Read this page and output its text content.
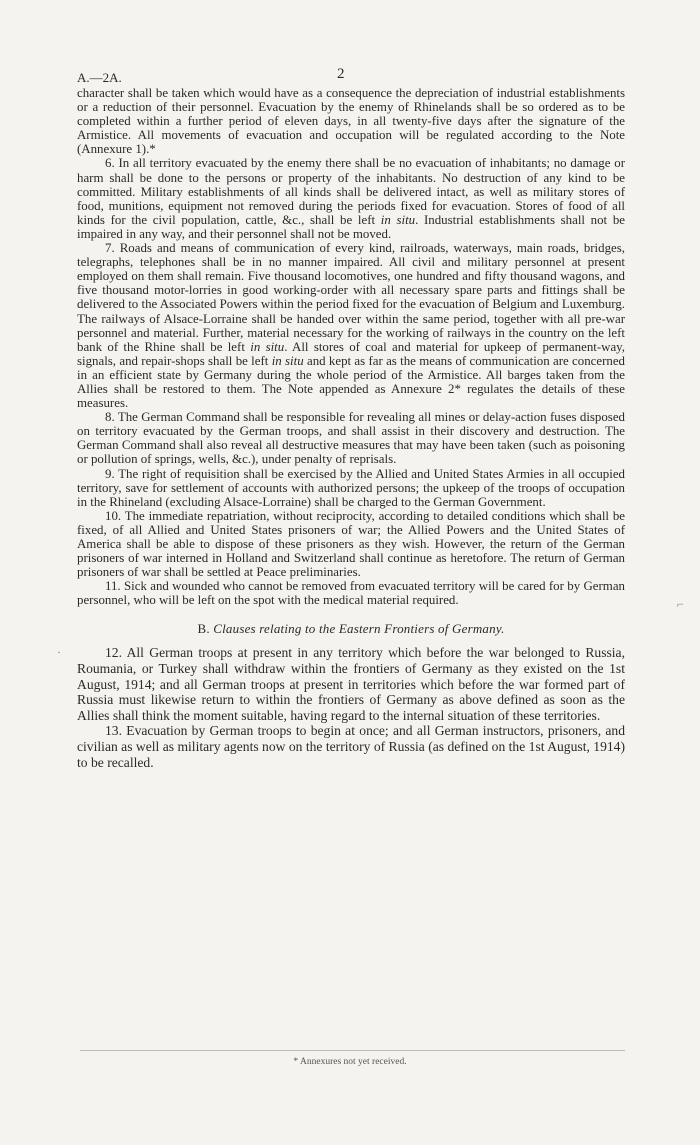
A.—2A.	2

character shall be taken which would have as a consequence the depreciation of industrial establishments or a reduction of their personnel. Evacuation by the enemy of Rhinelands shall be so ordered as to be completed within a further period of eleven days, in all twenty-five days after the signature of the Armistice. All movements of evacuation and occupation will be regulated according to the Note (Annexure 1).*

6. In all territory evacuated by the enemy there shall be no evacuation of inhabitants; no damage or harm shall be done to the persons or property of the inhabitants. No destruction of any kind to be committed. Military establishments of all kinds shall be delivered intact, as well as military stores of food, munitions, equipment not removed during the periods fixed for evacuation. Stores of food of all kinds for the civil population, cattle, &c., shall be left in situ. Industrial establishments shall not be impaired in any way, and their personnel shall not be moved.

7. Roads and means of communication of every kind, railroads, waterways, main roads, bridges, telegraphs, telephones shall be in no manner impaired. All civil and military personnel at present employed on them shall remain. Five thousand locomotives, one hundred and fifty thousand wagons, and five thousand motor-lorries in good working-order with all necessary spare parts and fittings shall be delivered to the Associated Powers within the period fixed for the evacuation of Belgium and Luxemburg. The railways of Alsace-Lorraine shall be handed over within the same period, together with all pre-war personnel and material. Further, material necessary for the working of railways in the country on the left bank of the Rhine shall be left in situ. All stores of coal and material for upkeep of permanent-way, signals, and repair-shops shall be left in situ and kept as far as the means of communication are concerned in an efficient state by Germany during the whole period of the Armistice. All barges taken from the Allies shall be restored to them. The Note appended as Annexure 2* regulates the details of these measures.

8. The German Command shall be responsible for revealing all mines or delay-action fuses disposed on territory evacuated by the German troops, and shall assist in their discovery and destruction. The German Command shall also reveal all destructive measures that may have been taken (such as poisoning or pollution of springs, wells, &c.), under penalty of reprisals.

9. The right of requisition shall be exercised by the Allied and United States Armies in all occupied territory, save for settlement of accounts with authorized persons; the upkeep of the troops of occupation in the Rhineland (excluding Alsace-Lorraine) shall be charged to the German Government.

10. The immediate repatriation, without reciprocity, according to detailed conditions which shall be fixed, of all Allied and United States prisoners of war; the Allied Powers and the United States of America shall be able to dispose of these prisoners as they wish. However, the return of the German prisoners of war interned in Holland and Switzerland shall continue as heretofore. The return of German prisoners of war shall be settled at Peace preliminaries.

11. Sick and wounded who cannot be removed from evacuated territory will be cared for by German personnel, who will be left on the spot with the medical material required.

B. Clauses relating to the Eastern Frontiers of Germany.

12. All German troops at present in any territory which before the war belonged to Russia, Roumania, or Turkey shall withdraw within the frontiers of Germany as they existed on the 1st August, 1914; and all German troops at present in territories which before the war formed part of Russia must likewise return to within the frontiers of Germany as above defined as soon as the Allies shall think the moment suitable, having regard to the internal situation of these territories.

13. Evacuation by German troops to begin at once; and all German instructors, prisoners, and civilian as well as military agents now on the territory of Russia (as defined on the 1st August, 1914) to be recalled.

* Annexures not yet received.
⌐
·
